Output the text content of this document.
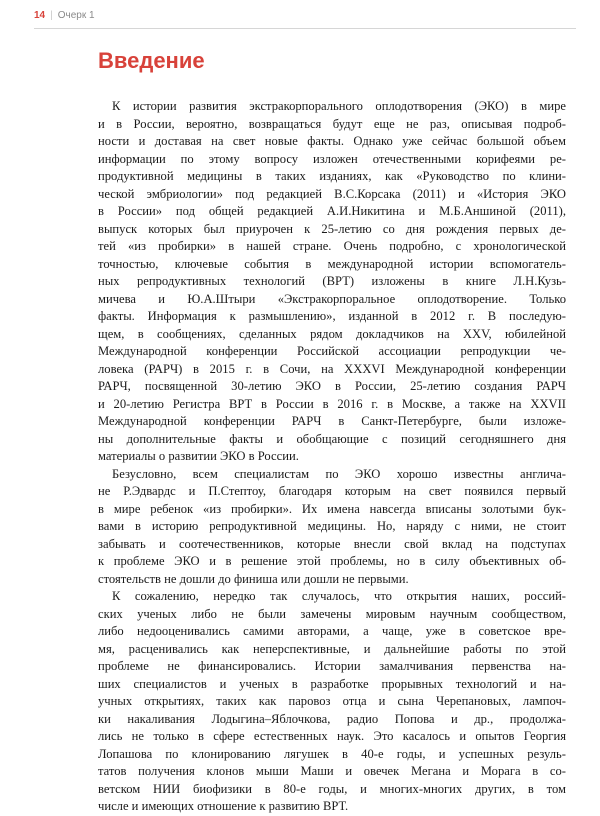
14 | Очерк 1
Введение

К истории развития экстракорпорального оплодотворения (ЭКО) в мире
и в России, вероятно, возвращаться будут еще не раз, описывая подроб-
ности и доставая на свет новые факты. Однако уже сейчас большой объем
информации по этому вопросу изложен отечественными корифеями ре-
продуктивной медицины в таких изданиях, как «Руководство по клини-
ческой эмбриологии» под редакцией В.С.Корсака (2011) и «История ЭКО
в России» под общей редакцией А.И.Никитина и М.Б.Аншиной (2011),
выпуск которых был приурочен к 25-летию со дня рождения первых де-
тей «из пробирки» в нашей стране. Очень подробно, с хронологической
точностью, ключевые события в международной истории вспомогатель-
ных репродуктивных технологий (ВРТ) изложены в книге Л.Н.Кузь-
мичева и Ю.А.Штыри «Экстракорпоральное оплодотворение. Только
факты. Информация к размышлению», изданной в 2012 г. В последую-
щем, в сообщениях, сделанных рядом докладчиков на XXV, юбилейной
Международной конференции Российской ассоциации репродукции че-
ловека (РАРЧ) в 2015 г. в Сочи, на XXXVI Международной конференции
РАРЧ, посвященной 30-летию ЭКО в России, 25-летию создания РАРЧ
и 20-летию Регистра ВРТ в России в 2016 г. в Москве, а также на XXVII
Международной конференции РАРЧ в Санкт-Петербурге, были изложе-
ны дополнительные факты и обобщающие с позиций сегодняшнего дня
материалы о развитии ЭКО в России.

Безусловно, всем специалистам по ЭКО хорошо известны англича-
не Р.Эдвардс и П.Стептоу, благодаря которым на свет появился первый
в мире ребенок «из пробирки». Их имена навсегда вписаны золотыми бук-
вами в историю репродуктивной медицины. Но, наряду с ними, не стоит
забывать и соотечественников, которые внесли свой вклад на подступах
к проблеме ЭКО и в решение этой проблемы, но в силу объективных об-
стоятельств не дошли до финиша или дошли не первыми.

К сожалению, нередко так случалось, что открытия наших, россий-
ских ученых либо не были замечены мировым научным сообществом,
либо недооценивались самими авторами, а чаще, уже в советское вре-
мя, расценивались как неперспективные, и дальнейшие работы по этой
проблеме не финансировались. Истории замалчивания первенства на-
ших специалистов и ученых в разработке прорывных технологий и на-
учных открытиях, таких как паровоз отца и сына Черепановых, лампоч-
ки накаливания Лодыгина–Яблочкова, радио Попова и др., продолжа-
лись не только в сфере естественных наук. Это касалось и опытов Георгия
Лопашова по клонированию лягушек в 40-е годы, и успешных резуль-
татов получения клонов мыши Маши и овечек Мегана и Морага в со-
ветском НИИ биофизики в 80-е годы, и многих-многих других, в том
числе и имеющих отношение к развитию ВРТ.
